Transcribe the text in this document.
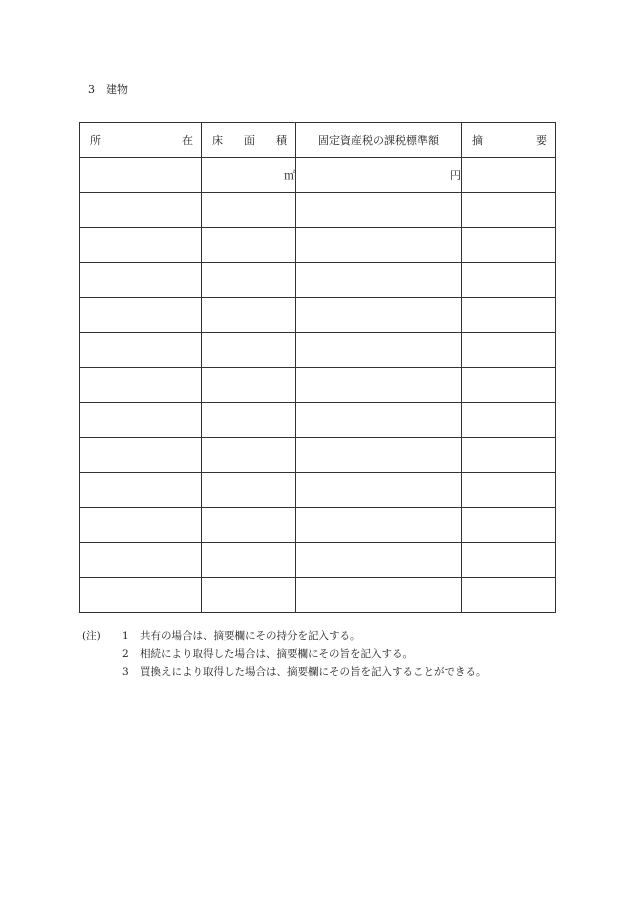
3　建物
所 在	床 面 積	固定資産税の課税標準額	摘 要

	㎡	円	

(注)	1	共有の場合は、摘要欄にその持分を記入する。
2	相続により取得した場合は、摘要欄にその旨を記入する。
3	買換えにより取得した場合は、摘要欄にその旨を記入することができる。
